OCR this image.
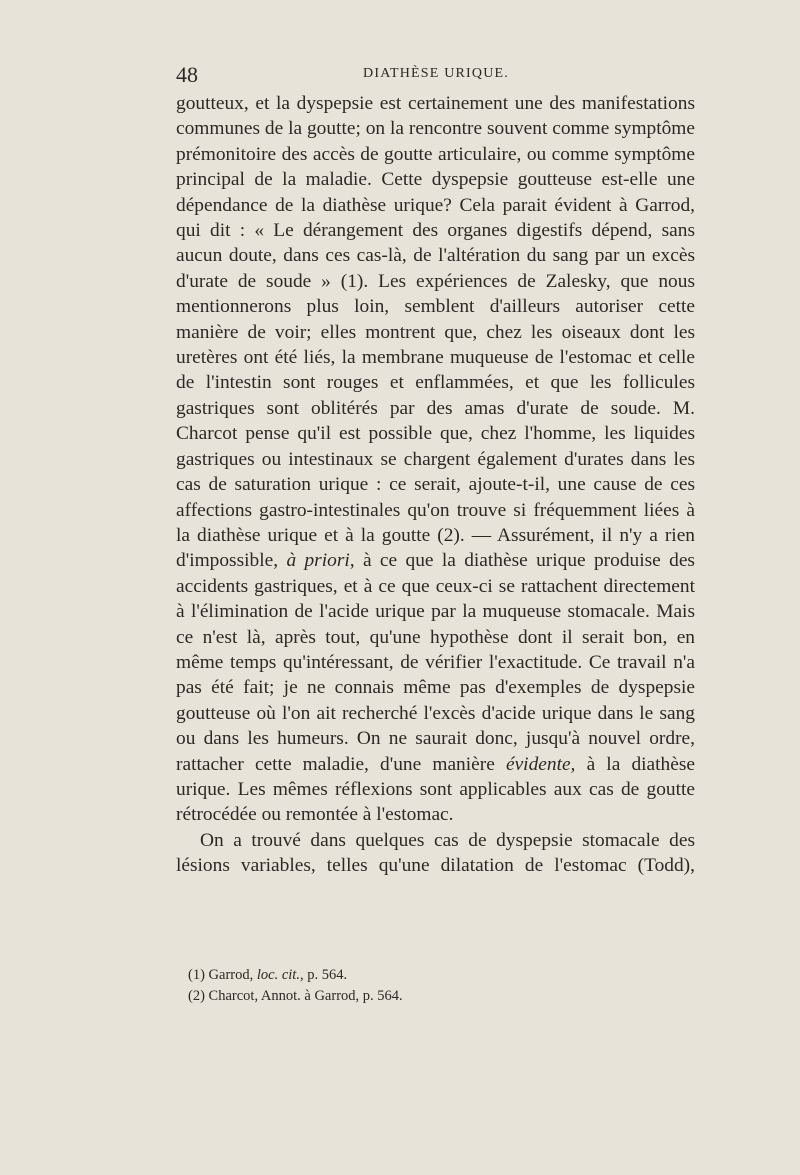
48	DIATHÈSE URIQUE.

goutteux, et la dyspepsie est certainement une des manifestations communes de la goutte; on la rencontre souvent comme symptôme prémonitoire des accès de goutte articulaire, ou comme symptôme principal de la maladie. Cette dyspepsie goutteuse est-elle une dépendance de la diathèse urique? Cela parait évident à Garrod, qui dit : « Le dérangement des organes digestifs dépend, sans aucun doute, dans ces cas-là, de l'altération du sang par un excès d'urate de soude » (1). Les expériences de Zalesky, que nous mentionnerons plus loin, semblent d'ailleurs autoriser cette manière de voir; elles montrent que, chez les oiseaux dont les uretères ont été liés, la membrane muqueuse de l'estomac et celle de l'intestin sont rouges et enflammées, et que les follicules gastriques sont oblitérés par des amas d'urate de soude. M. Charcot pense qu'il est possible que, chez l'homme, les liquides gastriques ou intestinaux se chargent également d'urates dans les cas de saturation urique : ce serait, ajoute-t-il, une cause de ces affections gastro-intestinales qu'on trouve si fréquemment liées à la diathèse urique et à la goutte (2). — Assurément, il n'y a rien d'impossible, à priori, à ce que la diathèse urique produise des accidents gastriques, et à ce que ceux-ci se rattachent directement à l'élimination de l'acide urique par la muqueuse stomacale. Mais ce n'est là, après tout, qu'une hypothèse dont il serait bon, en même temps qu'intéressant, de vérifier l'exactitude. Ce travail n'a pas été fait; je ne connais même pas d'exemples de dyspepsie goutteuse où l'on ait recherché l'excès d'acide urique dans le sang ou dans les humeurs. On ne saurait donc, jusqu'à nouvel ordre, rattacher cette maladie, d'une manière évidente, à la diathèse urique. Les mêmes réflexions sont applicables aux cas de goutte rétrocédée ou remontée à l'estomac.

On a trouvé dans quelques cas de dyspepsie stomacale des lésions variables, telles qu'une dilatation de l'estomac (Todd),

(1) Garrod, loc. cit., p. 564.
(2) Charcot, Annot. à Garrod, p. 564.
